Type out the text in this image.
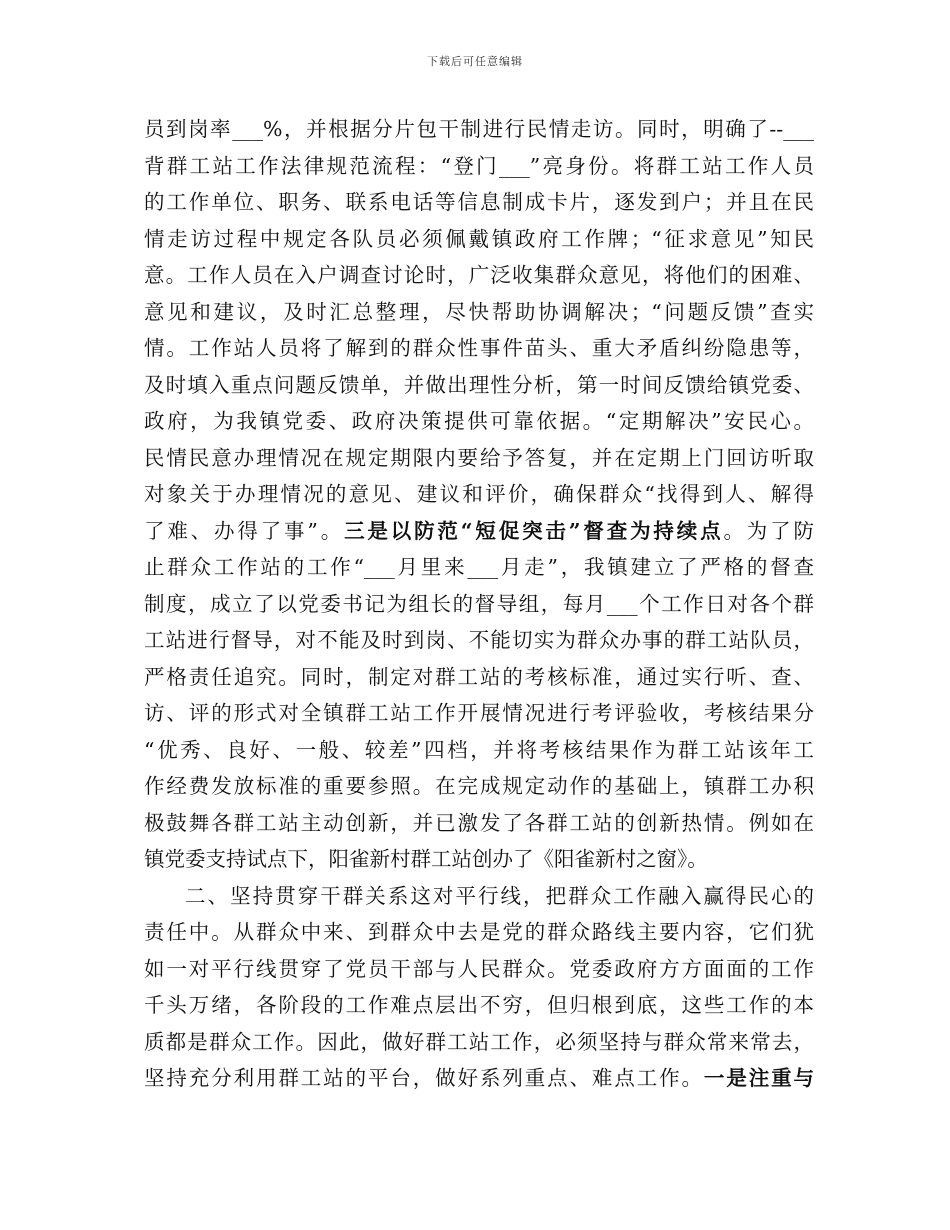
下载后可任意编辑
员到岗率___%，并根据分片包干制进行民情走访。同时，明确了--___
背群工站工作法律规范流程：“登门___”亮身份。将群工站工作人员
的工作单位、职务、联系电话等信息制成卡片，逐发到户；并且在民
情走访过程中规定各队员必须佩戴镇政府工作牌；“征求意见”知民
意。工作人员在入户调查讨论时，广泛收集群众意见，将他们的困难、
意见和建议，及时汇总整理，尽快帮助协调解决；“问题反馈”查实
情。工作站人员将了解到的群众性事件苗头、重大矛盾纠纷隐患等，
及时填入重点问题反馈单，并做出理性分析，第一时间反馈给镇党委、
政府，为我镇党委、政府决策提供可靠依据。“定期解决”安民心。
民情民意办理情况在规定期限内要给予答复，并在定期上门回访听取
对象关于办理情况的意见、建议和评价，确保群众“找得到人、解得
了难、办得了事”。三是以防范“短促突击”督查为持续点。为了防
止群众工作站的工作“___月里来___月走”，我镇建立了严格的督查
制度，成立了以党委书记为组长的督导组，每月___个工作日对各个群
工站进行督导，对不能及时到岗、不能切实为群众办事的群工站队员，
严格责任追究。同时，制定对群工站的考核标准，通过实行听、查、
访、评的形式对全镇群工站工作开展情况进行考评验收，考核结果分
“优秀、良好、一般、较差”四档，并将考核结果作为群工站该年工
作经费发放标准的重要参照。在完成规定动作的基础上，镇群工办积
极鼓舞各群工站主动创新，并已激发了各群工站的创新热情。例如在
镇党委支持试点下，阳雀新村群工站创办了《阳雀新村之窗》。
二、坚持贯穿干群关系这对平行线，把群众工作融入赢得民心的
责任中。从群众中来、到群众中去是党的群众路线主要内容，它们犹
如一对平行线贯穿了党员干部与人民群众。党委政府方方面面的工作
千头万绪，各阶段的工作难点层出不穷，但归根到底，这些工作的本
质都是群众工作。因此，做好群工站工作，必须坚持与群众常来常去，
坚持充分利用群工站的平台，做好系列重点、难点工作。一是注重与
